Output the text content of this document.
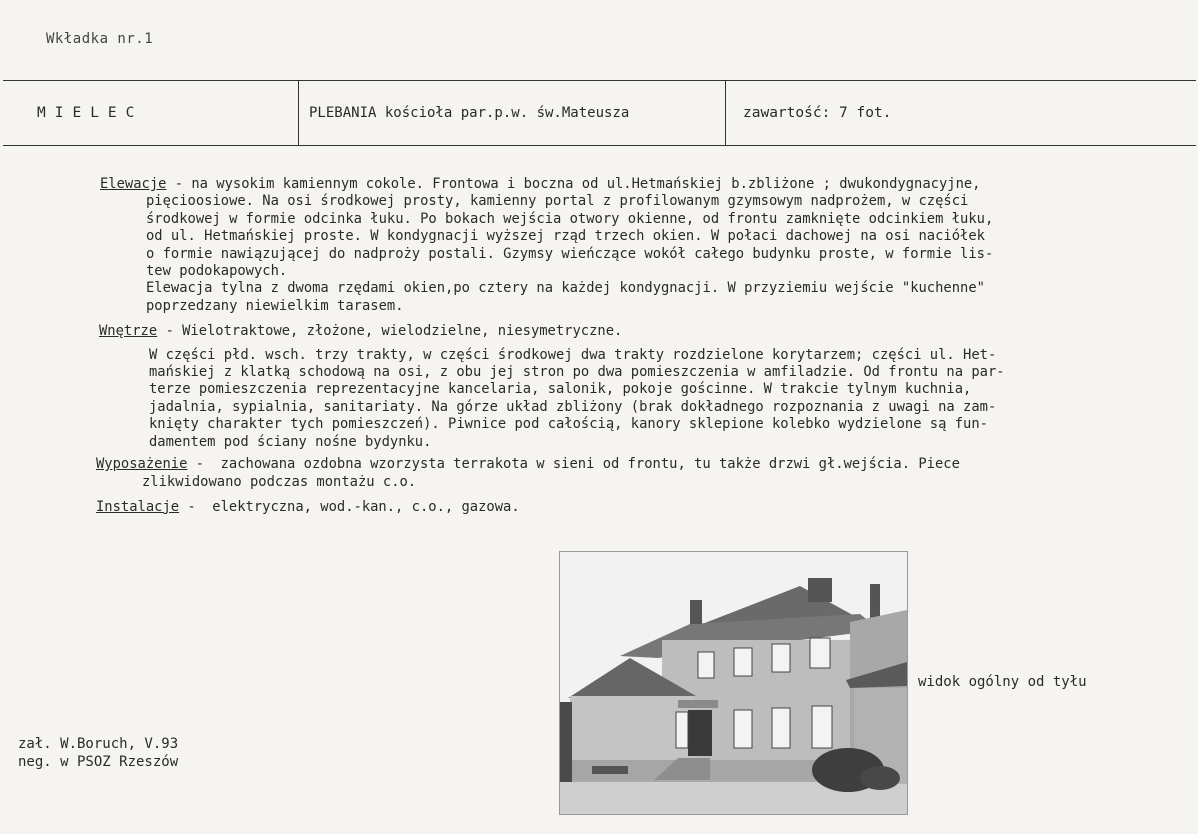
Wkładka nr.1
MIELEC	PLEBANIA kościoła par.p.w. św.Mateusza	zawartość: 7 fot.
Elewacje - na wysokim kamiennym cokole. Frontowa i boczna od ul.Hetmańskiej b.zbliżone ; dwukondygnacyjne,
pięcioosiowe. Na osi środkowej prosty, kamienny portal z profilowanym gzymsowym nadprożem, w części
środkowej w formie odcinka łuku. Po bokach wejścia otwory okienne, od frontu zamknięte odcinkiem łuku,
od ul. Hetmańskiej proste. W kondygnacji wyższej rząd trzech okien. W połaci dachowej na osi naciółek
o formie nawiązującej do nadproży postali. Gzymsy wieńczące wokół całego budynku proste, w formie lis-
tew podokapowych.
Elewacja tylna z dwoma rzędami okien,po cztery na każdej kondygnacji. W przyziemiu wejście "kuchenne"
poprzedzany niewielkim tarasem.
Wnętrze - Wielotraktowe, złożone, wielodzielne, niesymetryczne.
W części płd. wsch. trzy trakty, w części środkowej dwa trakty rozdzielone korytarzem; części ul. Het-
mańskiej z klatką schodową na osi, z obu jej stron po dwa pomieszczenia w amfiladzie. Od frontu na par-
terze pomieszczenia reprezentacyjne kancelaria, salonik, pokoje gościnne. W trakcie tylnym kuchnia,
jadalnia, sypialnia, sanitariaty. Na górze układ zbliżony (brak dokładnego rozpoznania z uwagi na zam-
knięty charakter tych pomieszczeń). Piwnice pod całością, kanory sklepione kolebko wydzielone są fun-
damentem pod ściany nośne bydynku.
Wyposażenie -  zachowana ozdobna wzorzysta terrakota w sieni od frontu, tu także drzwi gł.wejścia. Piece
zlikwidowano podczas montażu c.o.
Instalacje -  elektryczna, wod.-kan., c.o., gazowa.
widok ogólny od tyłu
zał. W.Boruch, V.93
neg. w PSOZ Rzeszów
